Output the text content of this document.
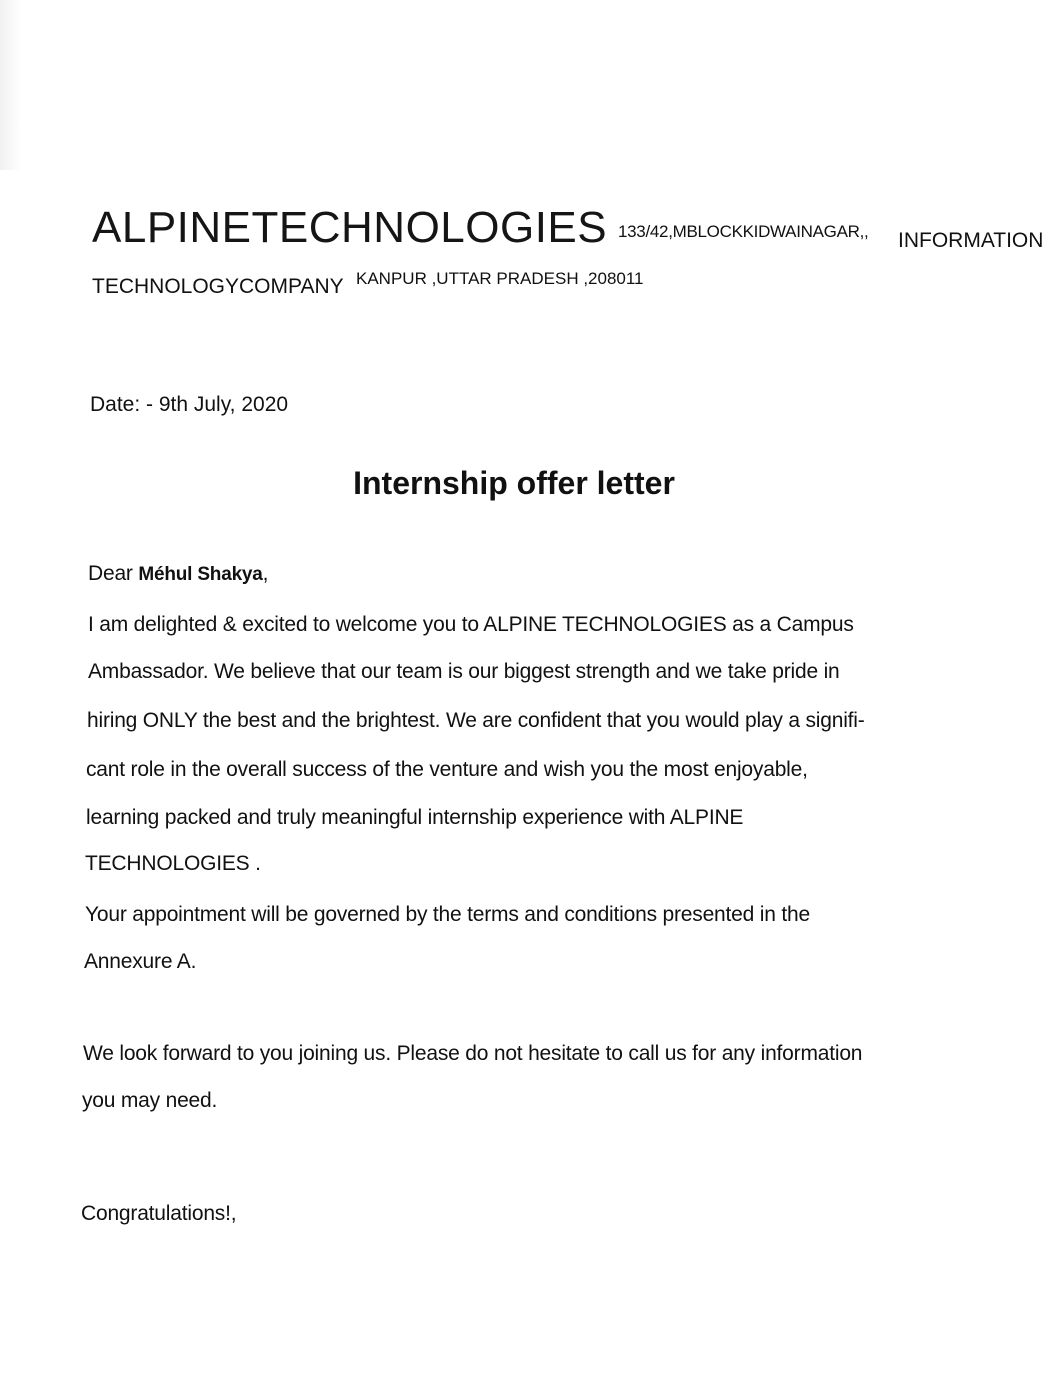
ALPINETECHNOLOGIES 133/42,MBLOCKKIDWAINAGAR,, INFORMATION
TECHNOLOGYCOMPANY KANPUR ,UTTAR PRADESH ,208011
Date: - 9th July, 2020
Internship offer letter
Dear Méhul Shakya,
I am delighted & excited to welcome you to ALPINE TECHNOLOGIES as a Campus
Ambassador. We believe that our team is our biggest strength and we take pride in
hiring ONLY the best and the brightest. We are confident that you would play a signifi-
cant role in the overall success of the venture and wish you the most enjoyable,
learning packed and truly meaningful internship experience with ALPINE
TECHNOLOGIES .
Your appointment will be governed by the terms and conditions presented in the
Annexure A.
We look forward to you joining us. Please do not hesitate to call us for any information
you may need.
Congratulations!,
